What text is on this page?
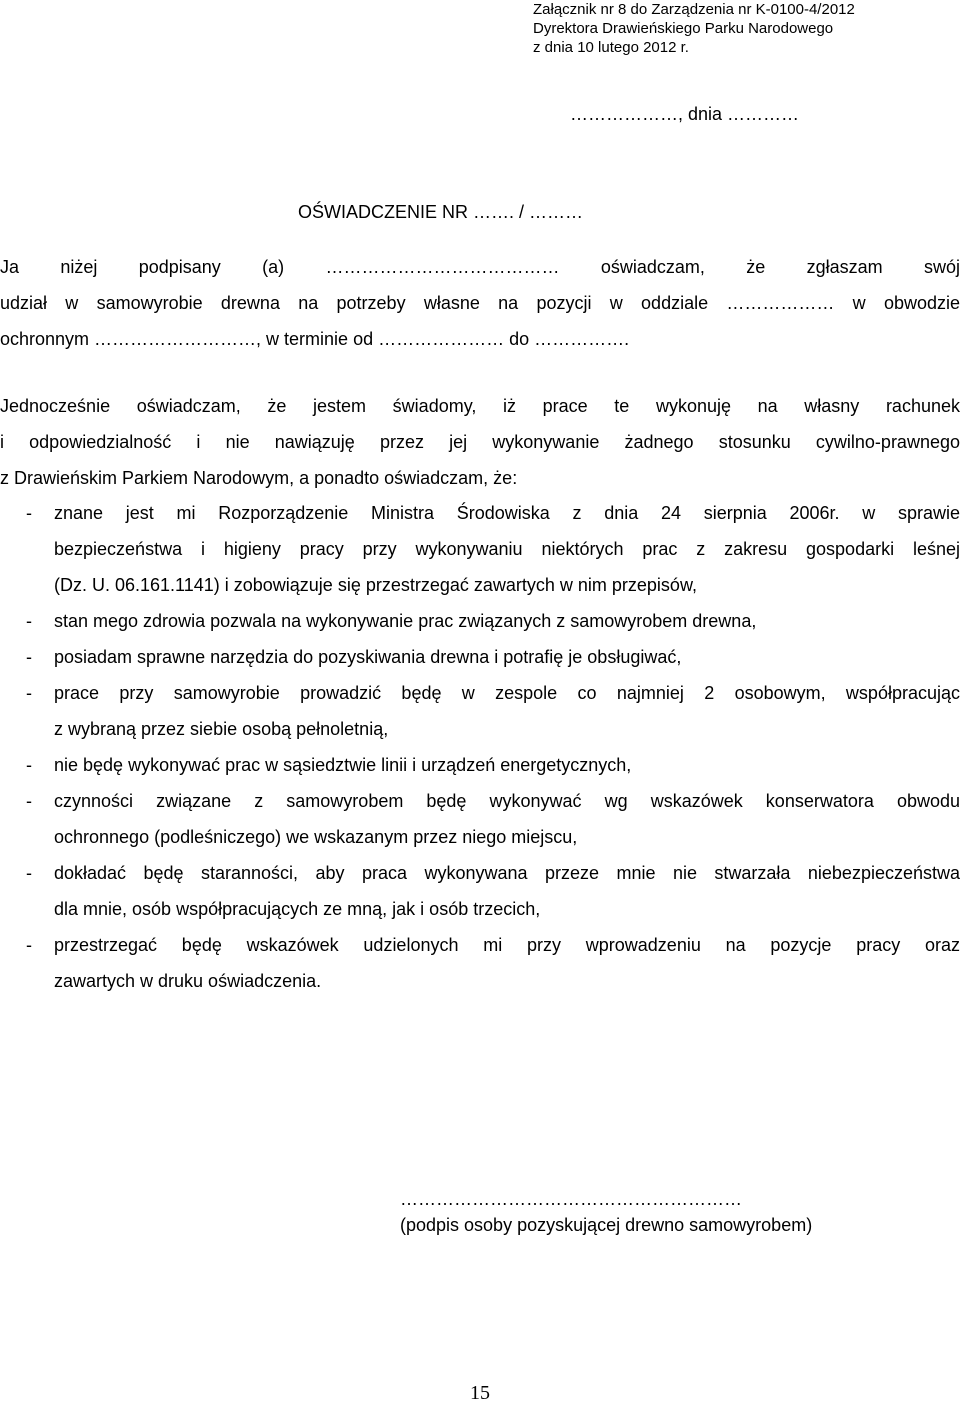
Załącznik nr 8 do Zarządzenia nr K-0100-4/2012
Dyrektora Drawieńskiego Parku Narodowego
z dnia 10 lutego 2012 r.
………………, dnia …………
OŚWIADCZENIE NR ……. / ………
Ja niżej podpisany (a) ………………………………… oświadczam, że zgłaszam swój
udział w samowyrobie drewna na potrzeby własne na pozycji w oddziale ……………… w obwodzie
ochronnym ………………………, w terminie od ………………… do …………….
Jednocześnie oświadczam, że jestem świadomy, iż prace te wykonuję na własny rachunek
i odpowiedzialność i nie nawiązuję przez jej wykonywanie żadnego stosunku cywilno-prawnego
z Drawieńskim Parkiem Narodowym, a ponadto oświadczam, że:
- znane jest mi Rozporządzenie Ministra Środowiska z dnia 24 sierpnia 2006r. w sprawie
bezpieczeństwa i higieny pracy przy wykonywaniu niektórych prac z zakresu gospodarki leśnej
(Dz. U. 06.161.1141) i zobowiązuje się przestrzegać zawartych w nim przepisów,
- stan mego zdrowia pozwala na wykonywanie prac związanych z samowyrobem drewna,
- posiadam sprawne narzędzia do pozyskiwania drewna i potrafię je obsługiwać,
- prace przy samowyrobie prowadzić będę w zespole co najmniej 2 osobowym, współpracując
z wybraną przez siebie osobą pełnoletnią,
- nie będę wykonywać prac w sąsiedztwie linii i urządzeń energetycznych,
- czynności związane z samowyrobem będę wykonywać wg wskazówek konserwatora obwodu
ochronnego (podleśniczego) we wskazanym przez niego miejscu,
- dokładać będę staranności, aby praca wykonywana przeze mnie nie stwarzała niebezpieczeństwa
dla mnie, osób współpracujących ze mną, jak i osób trzecich,
- przestrzegać będę wskazówek udzielonych mi przy wprowadzeniu na pozycje pracy oraz
zawartych w druku oświadczenia.
…………………………………………………
(podpis osoby pozyskującej drewno samowyrobem)
15
